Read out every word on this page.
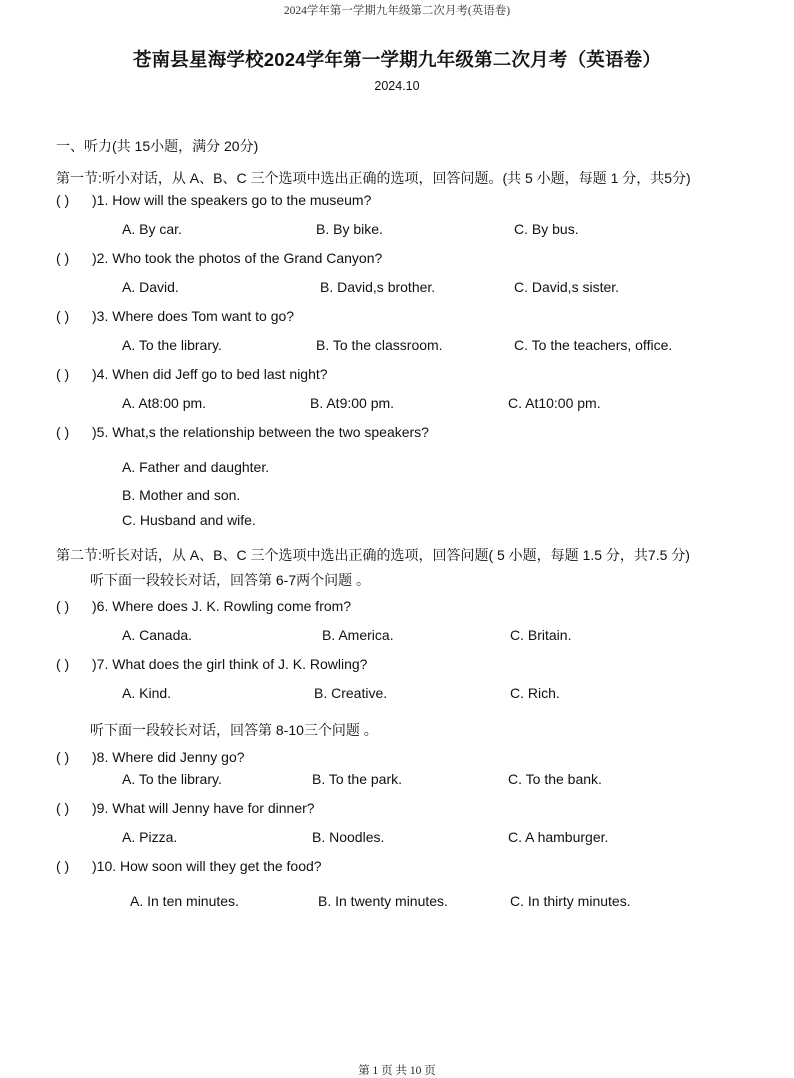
2024学年第一学期九年级第二次月考(英语卷)
苍南县星海学校2024学年第一学期九年级第二次月考（英语卷）
2024.10
一、听力(共 15小题，满分 20分)
第一节:听小对话，从 A、B、C 三个选项中选出正确的选项，回答问题。(共 5 小题，每题 1 分，共5分)
( ) )1. How will the speakers go to the museum?
A. By car.	B. By bike.	C. By bus.
( ) )2. Who took the photos of the Grand Canyon?
A. David.	B. David,s brother.	C. David,s sister.
( ) )3. Where does Tom want to go?
A. To the library.	B. To the classroom.	C. To the teachers, office.
( ) )4. When did Jeff go to bed last night?
A. At8:00 pm.	B. At9:00 pm.	C. At10:00 pm.
( ) )5. What,s the relationship between the two speakers?
A. Father and daughter.
B. Mother and son.
C. Husband and wife.
第二节:听长对话，从 A、B、C 三个选项中选出正确的选项，回答问题( 5 小题，每题 1.5 分，共7.5 分)
听下面一段较长对话，回答第 6-7两个问题 。
( ) )6. Where does J. K. Rowling come from?
A. Canada.	B. America.	C. Britain.
( ) )7. What does the girl think of J. K. Rowling?
A. Kind.	B. Creative.	C. Rich.
听下面一段较长对话，回答第 8-10三个问题 。
( ) )8. Where did Jenny go?
A. To the library.	B. To the park.	C. To the bank.
( ) )9. What will Jenny have for dinner?
A. Pizza.	B. Noodles.	C. A hamburger.
( ) )10. How soon will they get the food?
A. In ten minutes.	B. In twenty minutes.	C. In thirty minutes.
第 1 页 共 10 页
